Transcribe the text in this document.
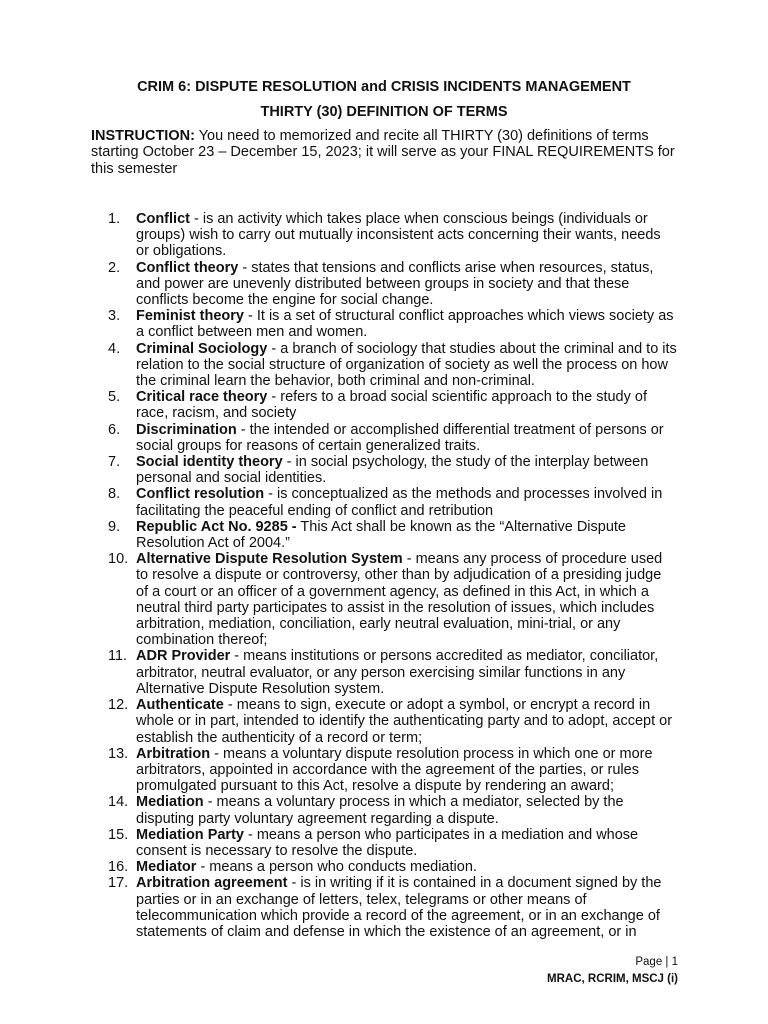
CRIM 6: DISPUTE RESOLUTION and CRISIS INCIDENTS MANAGEMENT

THIRTY (30) DEFINITION OF TERMS

INSTRUCTION: You need to memorized and recite all THIRTY (30) definitions of terms starting October 23 – December 15, 2023; it will serve as your FINAL REQUIREMENTS for this semester

1.	Conflict - is an activity which takes place when conscious beings (individuals or groups) wish to carry out mutually inconsistent acts concerning their wants, needs or obligations.
2.	Conflict theory - states that tensions and conflicts arise when resources, status, and power are unevenly distributed between groups in society and that these conflicts become the engine for social change.
3.	Feminist theory - It is a set of structural conflict approaches which views society as a conflict between men and women.
4.	Criminal Sociology - a branch of sociology that studies about the criminal and to its relation to the social structure of organization of society as well the process on how the criminal learn the behavior, both criminal and non-criminal.
5.	Critical race theory - refers to a broad social scientific approach to the study of race, racism, and society
6.	Discrimination - the intended or accomplished differential treatment of persons or social groups for reasons of certain generalized traits.
7.	Social identity theory - in social psychology, the study of the interplay between personal and social identities.
8.	Conflict resolution - is conceptualized as the methods and processes involved in facilitating the peaceful ending of conflict and retribution
9.	Republic Act No. 9285 - This Act shall be known as the “Alternative Dispute Resolution Act of 2004.”
10. Alternative Dispute Resolution System - means any process of procedure used to resolve a dispute or controversy, other than by adjudication of a presiding judge of a court or an officer of a government agency, as defined in this Act, in which a neutral third party participates to assist in the resolution of issues, which includes arbitration, mediation, conciliation, early neutral evaluation, mini-trial, or any combination thereof;
11. ADR Provider - means institutions or persons accredited as mediator, conciliator, arbitrator, neutral evaluator, or any person exercising similar functions in any Alternative Dispute Resolution system.
12. Authenticate - means to sign, execute or adopt a symbol, or encrypt a record in whole or in part, intended to identify the authenticating party and to adopt, accept or establish the authenticity of a record or term;
13. Arbitration - means a voluntary dispute resolution process in which one or more arbitrators, appointed in accordance with the agreement of the parties, or rules promulgated pursuant to this Act, resolve a dispute by rendering an award;
14. Mediation - means a voluntary process in which a mediator, selected by the disputing party voluntary agreement regarding a dispute.
15. Mediation Party - means a person who participates in a mediation and whose consent is necessary to resolve the dispute.
16. Mediator - means a person who conducts mediation.
17. Arbitration agreement - is in writing if it is contained in a document signed by the parties or in an exchange of letters, telex, telegrams or other means of telecommunication which provide a record of the agreement, or in an exchange of statements of claim and defense in which the existence of an agreement, or in
Page | 1
MRAC, RCRIM, MSCJ (i)
